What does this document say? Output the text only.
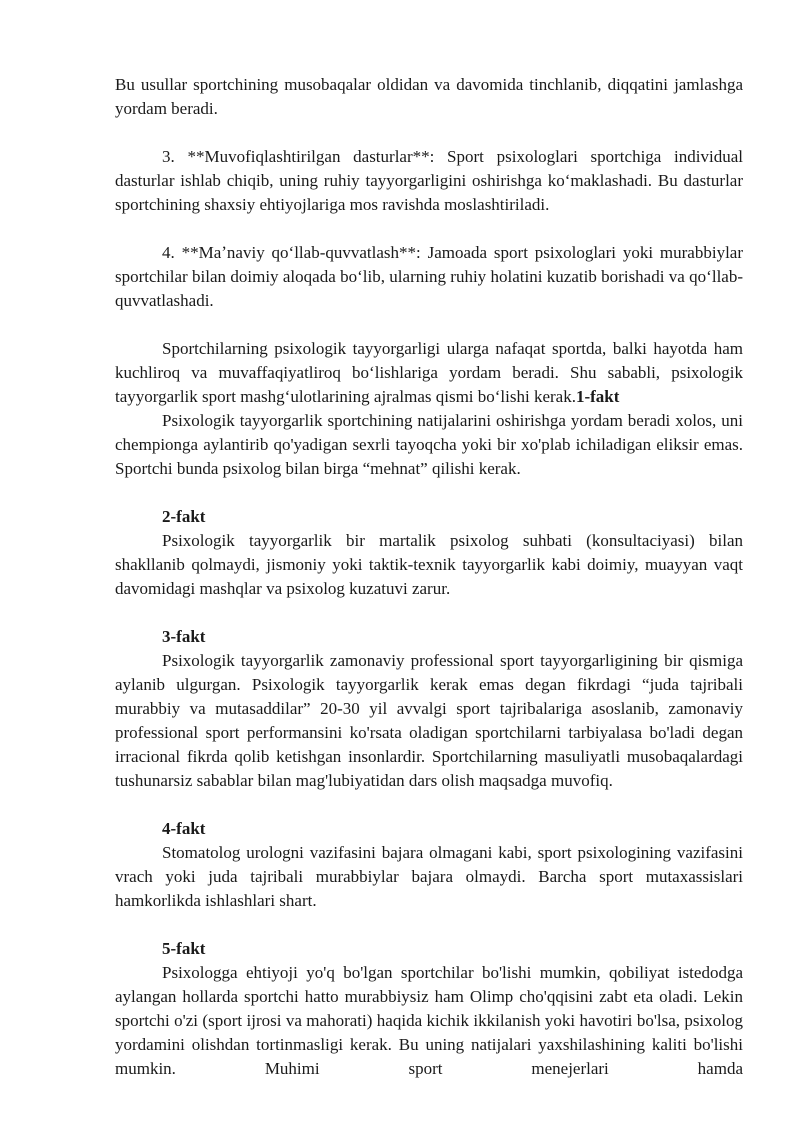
Bu usullar sportchining musobaqalar oldidan va davomida tinchlanib, diqqatini jamlashga yordam beradi.

3. **Muvofiqlashtirilgan dasturlar**: Sport psixologlari sportchiga individual dasturlar ishlab chiqib, uning ruhiy tayyorgarligini oshirishga koʻmaklashadi. Bu dasturlar sportchining shaxsiy ehtiyojlariga mos ravishda moslashtiriladi.

4. **Maʼnaviy qoʻllab-quvvatlash**: Jamoada sport psixologlari yoki murabbiylar sportchilar bilan doimiy aloqada boʻlib, ularning ruhiy holatini kuzatib borishadi va qoʻllab-quvvatlashadi.

Sportchilarning psixologik tayyorgarligi ularga nafaqat sportda, balki hayotda ham kuchliroq va muvaffaqiyatliroq boʻlishlariga yordam beradi. Shu sababli, psixologik tayyorgarlik sport mashgʻulotlarining ajralmas qismi boʻlishi kerak.1-fakt

Psixologik tayyorgarlik sportchining natijalarini oshirishga yordam beradi xolos, uni chempionga aylantirib qo'yadigan sexrli tayoqcha yoki bir xo'plab ichiladigan eliksir emas. Sportchi bunda psixolog bilan birga “mehnat” qilishi kerak.

2-fakt

Psixologik tayyorgarlik bir martalik psixolog suhbati (konsultaciyasi) bilan shakllanib qolmaydi, jismoniy yoki taktik-texnik tayyorgarlik kabi doimiy, muayyan vaqt davomidagi mashqlar va psixolog kuzatuvi zarur.

3-fakt

Psixologik tayyorgarlik zamonaviy professional sport tayyorgarligining bir qismiga aylanib ulgurgan. Psixologik tayyorgarlik kerak emas degan fikrdagi “juda tajribali murabbiy va mutasaddilar” 20-30 yil avvalgi sport tajribalariga asoslanib, zamonaviy professional sport performansini ko'rsata oladigan sportchilarni tarbiyalasa bo'ladi degan irracional fikrda qolib ketishgan insonlardir. Sportchilarning masuliyatli musobaqalardagi tushunarsiz sabablar bilan mag'lubiyatidan dars olish maqsadga muvofiq.

4-fakt

Stomatolog urologni vazifasini bajara olmagani kabi, sport psixologining vazifasini vrach yoki juda tajribali murabbiylar bajara olmaydi. Barcha sport mutaxassislari hamkorlikda ishlashlari shart.

5-fakt

Psixologga ehtiyoji yo'q bo'lgan sportchilar bo'lishi mumkin, qobiliyat istedodga aylangan hollarda sportchi hatto murabbiysiz ham Olimp cho'qqisini zabt eta oladi. Lekin sportchi o'zi (sport ijrosi va mahorati) haqida kichik ikkilanish yoki havotiri bo'lsa, psixolog yordamini olishdan tortinmasligi kerak. Bu uning natijalari yaxshilashining kaliti bo'lishi mumkin. Muhimi sport menejerlari hamda
